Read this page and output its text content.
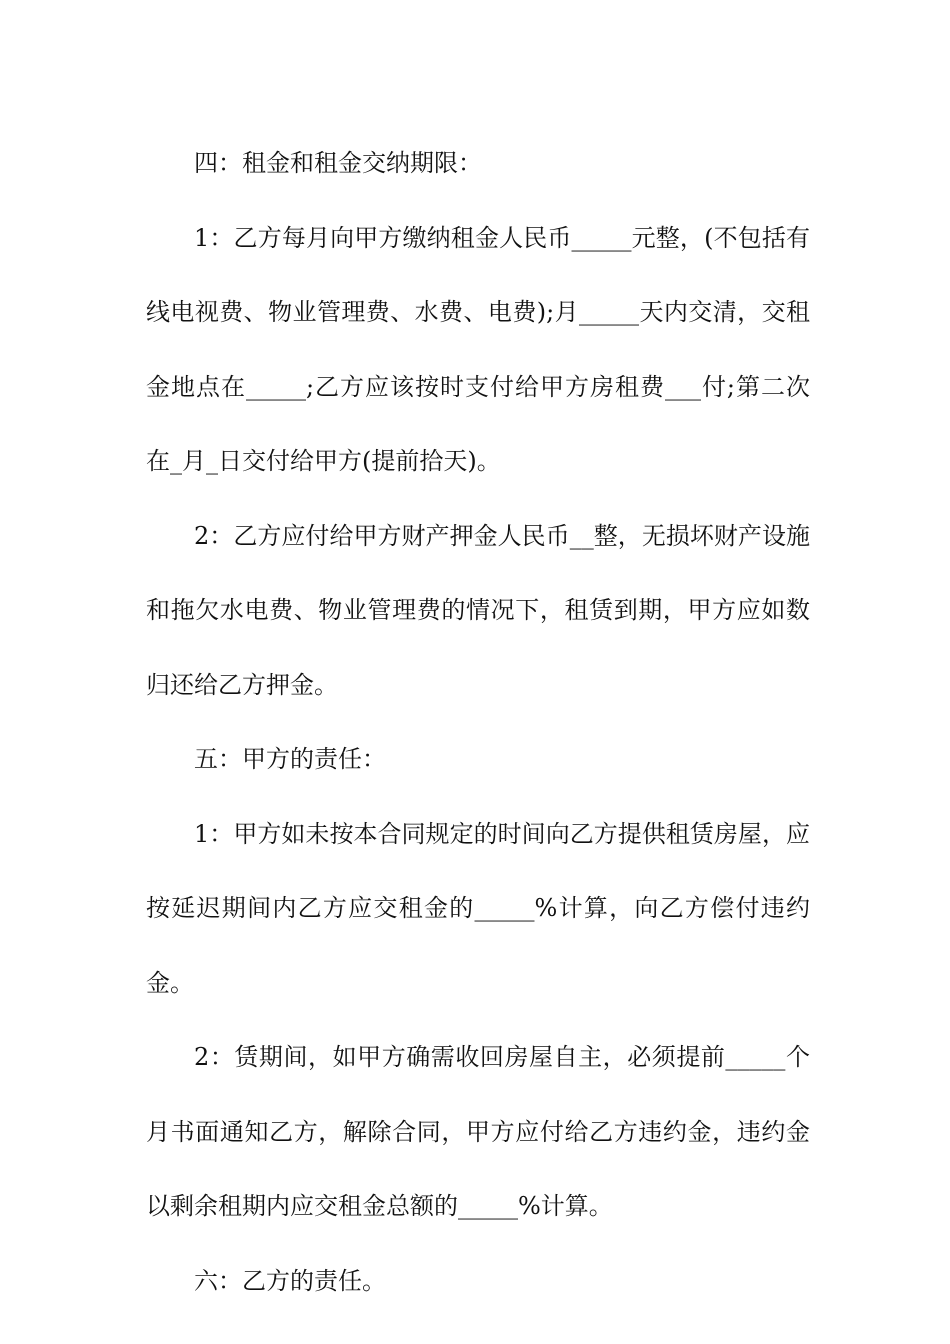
四：租金和租金交纳期限：

1：乙方每月向甲方缴纳租金人民币_____元整，(不包括有线电视费、物业管理费、水费、电费);月_____天内交清，交租金地点在_____;乙方应该按时支付给甲方房租费___付;第二次在_月_日交付给甲方(提前拾天)。

2：乙方应付给甲方财产押金人民币__整，无损坏财产设施和拖欠水电费、物业管理费的情况下，租赁到期，甲方应如数归还给乙方押金。

五：甲方的责任：

1：甲方如未按本合同规定的时间向乙方提供租赁房屋，应按延迟期间内乙方应交租金的_____%计算，向乙方偿付违约金。

2：赁期间，如甲方确需收回房屋自主，必须提前_____个月书面通知乙方，解除合同，甲方应付给乙方违约金，违约金以剩余租期内应交租金总额的_____%计算。

六：乙方的责任。
